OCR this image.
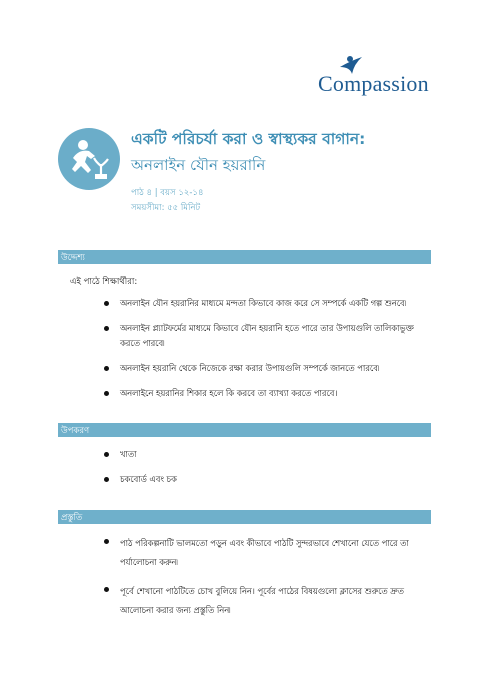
Compassion
একটি পরিচর্যা করা ও স্বাস্থ্যকর বাগান:
অনলাইন যৌন হয়রানি
পাঠ ৪ | বয়স ১২-১৪
সময়সীমা: ৫৫ মিনিট
উদ্দেশ্য
এই পাঠে শিক্ষার্থীরা:
অনলাইন যৌন হয়রানির মাধ্যমে মন্দতা কিভাবে কাজ করে সে সম্পর্কে একটি গল্প শুনবে৷
অনলাইন প্ল্যাটফর্মের মাধ্যমে কিভাবে যৌন হয়রানি হতে পারে তার উপায়গুলি তালিকাভুক্ত করতে পারবে৷
অনলাইন হয়রানি থেকে নিজেকে রক্ষা করার উপায়গুলি সম্পর্কে জানতে পারবে৷
অনলাইনে হয়রানির শিকার হলে কি করবে তা ব্যাখ্যা করতে পারবে।
উপকরণ
খাতা
চকবোর্ড এবং চক
প্রস্তুতি
পাঠ পরিকল্পনাটি ভালমতো পড়ুন এবং কীভাবে পাঠটি সুন্দরভাবে শেখানো যেতে পারে তা পর্যালোচনা করুন৷
পূর্বে শেখানো পাঠটিতে চোখ বুলিয়ে নিন। পূর্বের পাঠের বিষয়গুলো ক্লাসের শুরুতে দ্রুত আলোচনা করার জন্য প্রস্তুতি নিন৷
